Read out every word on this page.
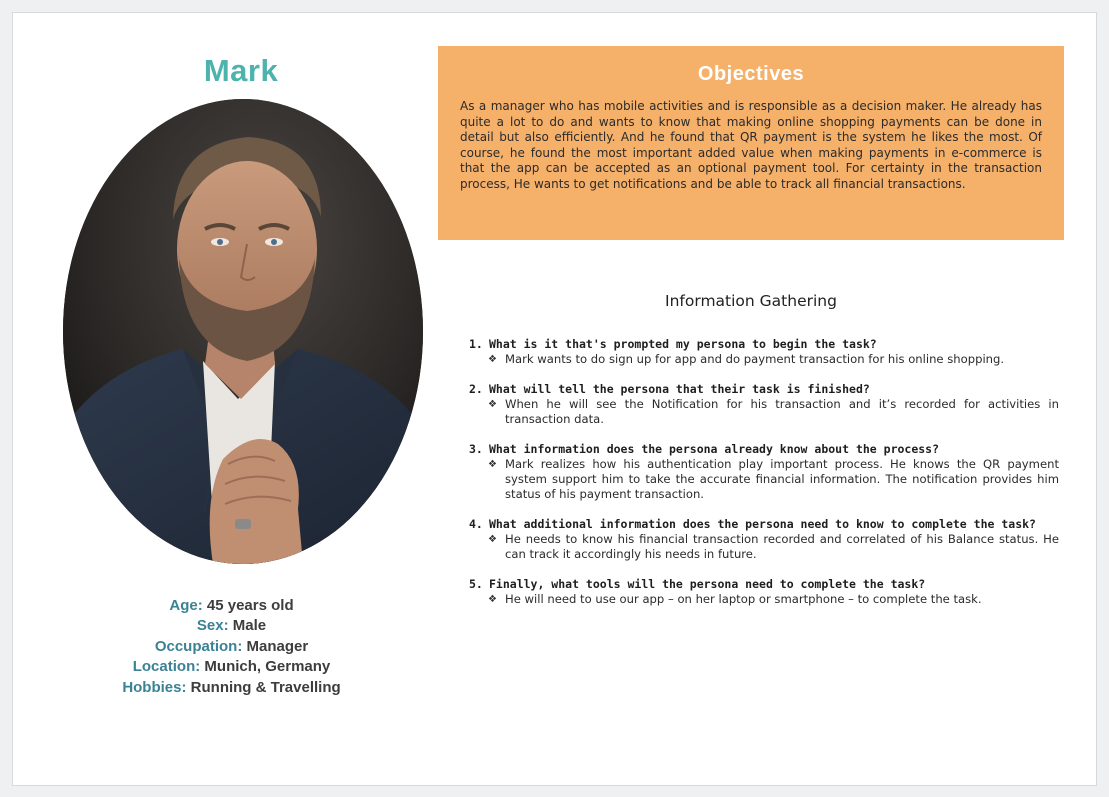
Mark
Age: 45 years old
Sex: Male
Occupation: Manager
Location: Munich, Germany
Hobbies: Running & Travelling
Objectives
As a manager who has mobile activities and is responsible as a decision maker. He already has quite a lot to do and wants to know that making online shopping payments can be done in detail but also efficiently. And he found that QR payment is the system he likes the most. Of course, he found the most important added value when making payments in e-commerce is that the app can be accepted as an optional payment tool. For certainty in the transaction process, He wants to get notifications and be able to track all financial transactions.
Information Gathering
1. What is it that's prompted my persona to begin the task?
❖ Mark wants to do sign up for app and do payment transaction for his online shopping.
2. What will tell the persona that their task is finished?
❖ When he will see the Notification for his transaction and it’s recorded for activities in transaction data.
3. What information does the persona already know about the process?
❖ Mark realizes how his authentication play important process. He knows the QR payment system support him to take the accurate financial information. The notification provides him status of his payment transaction.
4. What additional information does the persona need to know to complete the task?
❖ He needs to know his financial transaction recorded and correlated of his Balance status. He can track it accordingly his needs in future.
5. Finally, what tools will the persona need to complete the task?
❖ He will need to use our app – on her laptop or smartphone – to complete the task.
